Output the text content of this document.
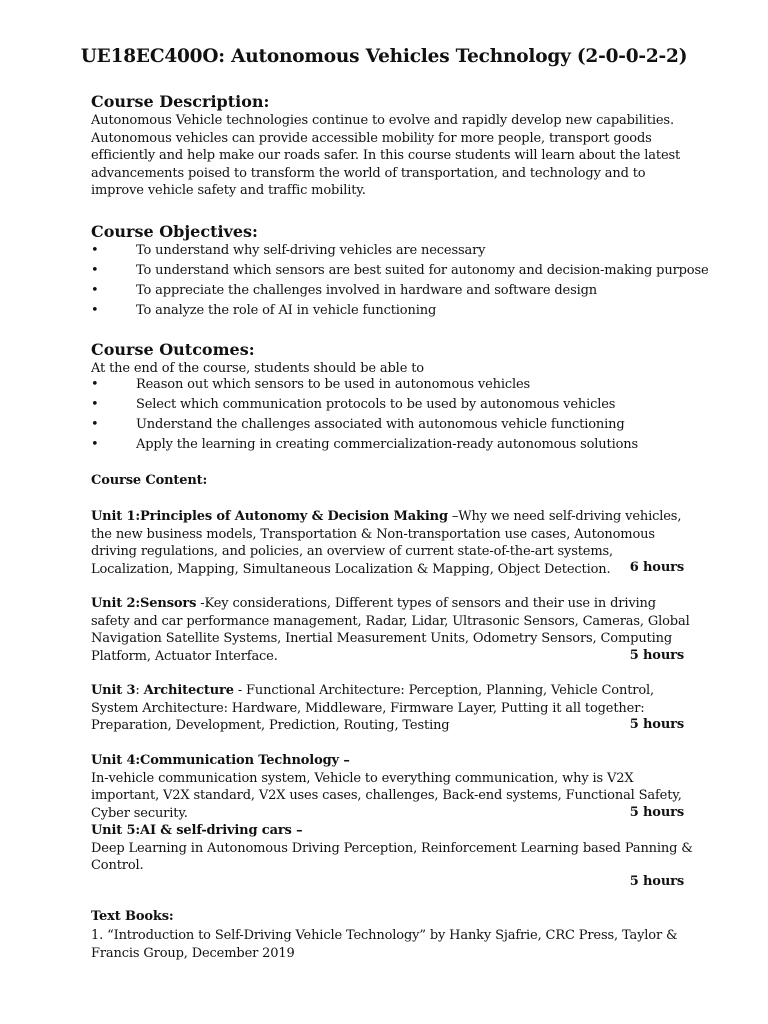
UE18EC400O: Autonomous Vehicles Technology (2-0-0-2-2)
Course Description:
Autonomous Vehicle technologies continue to evolve and rapidly develop new capabilities. Autonomous vehicles can provide accessible mobility for more people, transport goods efficiently and help make our roads safer. In this course students will learn about the latest advancements poised to transform the world of transportation, and technology and to improve vehicle safety and traffic mobility.
Course Objectives:
•	To understand why self-driving vehicles are necessary
•	To understand which sensors are best suited for autonomy and decision-making purpose
•	To appreciate the challenges involved in hardware and software design
•	To analyze the role of AI in vehicle functioning
Course Outcomes:
At the end of the course, students should be able to
•	Reason out which sensors to be used in autonomous vehicles
•	Select which communication protocols to be used by autonomous vehicles
•	Understand the challenges associated with autonomous vehicle functioning
•	Apply the learning in creating commercialization-ready autonomous solutions
Course Content:
Unit 1:Principles of Autonomy & Decision Making –Why we need self-driving vehicles, the new business models, Transportation & Non-transportation use cases, Autonomous driving regulations, and policies, an overview of current state-of-the-art systems, Localization, Mapping, Simultaneous Localization & Mapping, Object Detection.	6 hours
Unit 2:Sensors -Key considerations, Different types of sensors and their use in driving safety and car performance management, Radar, Lidar, Ultrasonic Sensors, Cameras, Global Navigation Satellite Systems, Inertial Measurement Units, Odometry Sensors, Computing Platform, Actuator Interface.	5 hours
Unit 3: Architecture - Functional Architecture: Perception, Planning, Vehicle Control, System Architecture: Hardware, Middleware, Firmware Layer, Putting it all together: Preparation, Development, Prediction, Routing, Testing	5 hours
Unit 4:Communication Technology –
In-vehicle communication system, Vehicle to everything communication, why is V2X important, V2X standard, V2X uses cases, challenges, Back-end systems, Functional Safety, Cyber security.	5 hours
Unit 5:AI & self-driving cars –
Deep Learning in Autonomous Driving Perception, Reinforcement Learning based Panning & Control.
5 hours
Text Books:
1. “Introduction to Self-Driving Vehicle Technology” by Hanky Sjafrie, CRC Press, Taylor & Francis Group, December 2019
